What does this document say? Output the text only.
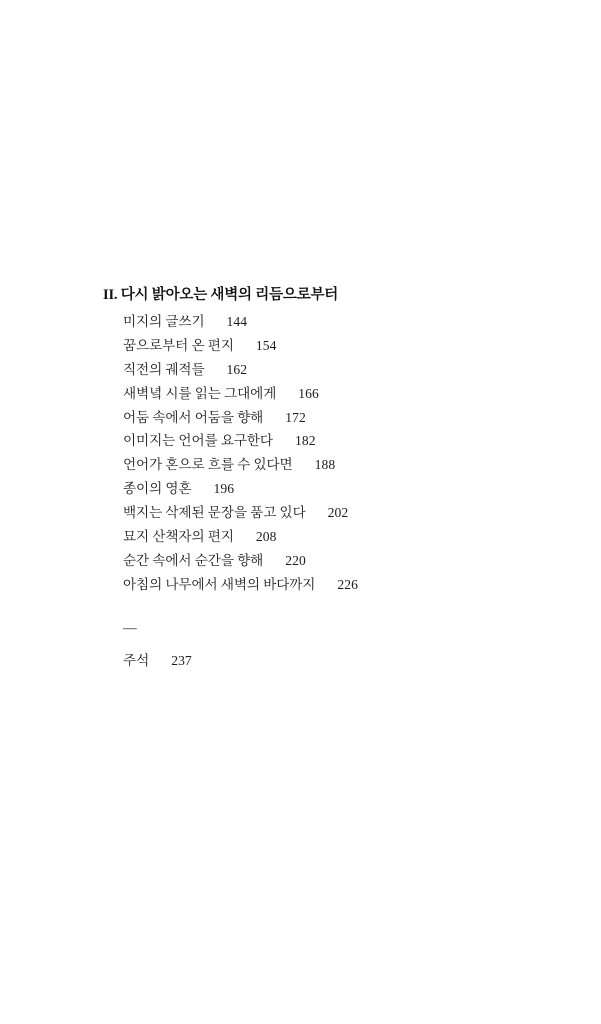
II. 다시 밝아오는 새벽의 리듬으로부터
미지의 글쓰기 144
꿈으로부터 온 편지 154
직전의 궤적들 162
새벽녘 시를 읽는 그대에게 166
어둠 속에서 어둠을 향해 172
이미지는 언어를 요구한다 182
언어가 혼으로 흐를 수 있다면 188
종이의 영혼 196
백지는 삭제된 문장을 품고 있다 202
묘지 산책자의 편지 208
순간 속에서 순간을 향해 220
아침의 나무에서 새벽의 바다까지 226
—
주석 237
